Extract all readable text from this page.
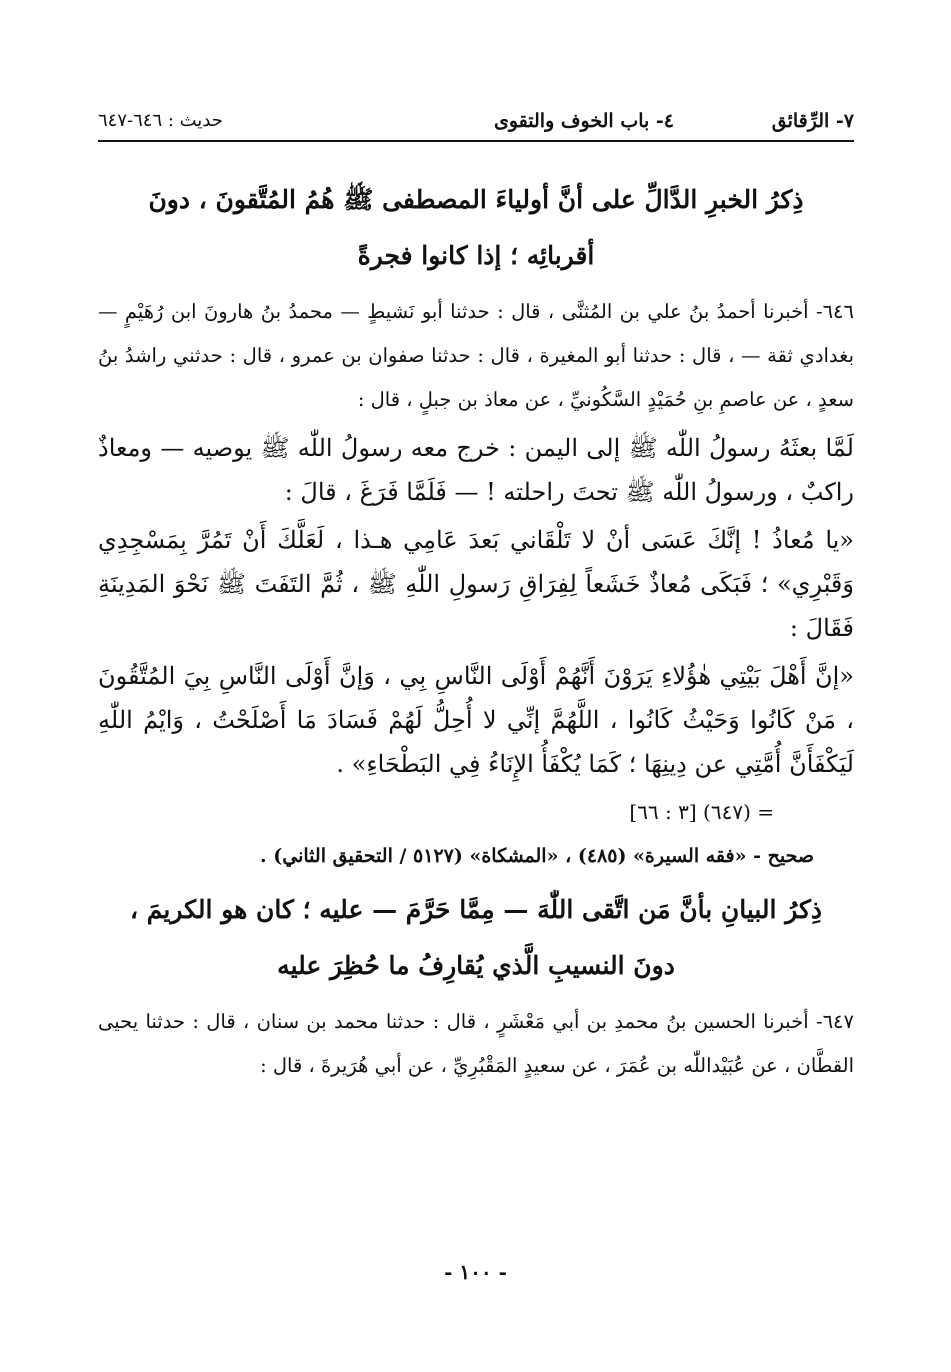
٧- الرِّقائق
٤- باب الخوف والتقوى
حديث : ٦٤٦-٦٤٧
ذِكرُ الخبرِ الدَّالِّ على أنَّ أولياءَ المصطفى ﷺ هُمُ المُتَّقونَ ، دونَ أقربائِه ؛ إذا كانوا فجرةً

٦٤٦- أخبرنا أحمدُ بنُ علي بن المُثنَّى ، قال : حدثنا أبو نَشيطٍ — محمدُ بنُ هارونَ ابن رُهَيْمٍ — بغدادي ثقة — ، قال : حدثنا أبو المغيرة ، قال : حدثنا صفوان بن عمرو ، قال : حدثني راشدُ بنُ سعدٍ ، عن عاصمِ بنِ حُمَيْدٍ السَّكُونيِّ ، عن معاذ بن جبلٍ ، قال :

لَمَّا بعثَهُ رسولُ اللّٰه ﷺ إلى اليمن : خرج معه رسولُ اللّٰه ﷺ يوصيه — ومعاذٌ راكبٌ ، ورسولُ اللّٰه ﷺ تحتَ راحلته ! — فَلَمَّا فَرَغَ ، قالَ :

«يا مُعاذُ ! إنَّكَ عَسَى أنْ لا تَلْقَاني بَعدَ عَامِي هـذا ، لَعَلَّكَ أَنْ تَمُرَّ بِمَسْجِدِي وَقَبْرِي» ؛ فَبَكَى مُعاذٌ خَشَعاً لِفِرَاقِ رَسولِ اللّٰهِ ﷺ ، ثُمَّ التَفَتَ ﷺ نَحْوَ المَدِينَةِ فَقَالَ :

«إنَّ أَهْلَ بَيْتِي هٰؤُلاءِ يَرَوْنَ أَنَّهُمْ أَوْلَى النَّاسِ بِي ، وَإنَّ أَوْلَى النَّاسِ بِيَ المُتَّقُونَ ، مَنْ كَانُوا وَحَيْثُ كَانُوا ، اللَّهُمَّ إنِّي لا أُحِلُّ لَهُمْ فَسَادَ مَا أَصْلَحْتُ ، وَايْمُ اللّٰهِ لَيَكْفَأَنَّ أُمَّتِي عن دِينِهَا ؛ كَمَا يُكْفَأُ الإِنَاءُ فِي البَطْحَاءِ» .

= (٦٤٧) [٣ : ٦٦]

صحيح - «فقه السيرة» (٤٨٥) ، «المشكاة» (٥١٢٧ / التحقيق الثاني) .

ذِكرُ البيانِ بأنَّ مَن اتَّقى اللّٰهَ — مِمَّا حَرَّمَ — عليه ؛ كان هو الكريمَ ، دونَ النسيبِ الَّذي يُقارِفُ ما حُظِرَ عليه

٦٤٧- أخبرنا الحسين بنُ محمدِ بن أبي مَعْشَرٍ ، قال : حدثنا محمد بن سنان ، قال : حدثنا يحيى القطَّان ، عن عُبَيْداللّٰه بن عُمَرَ ، عن سعيدٍ المَقْبُرِيِّ ، عن أبي هُرَيرةَ ، قال :

- ١٠٠ -
